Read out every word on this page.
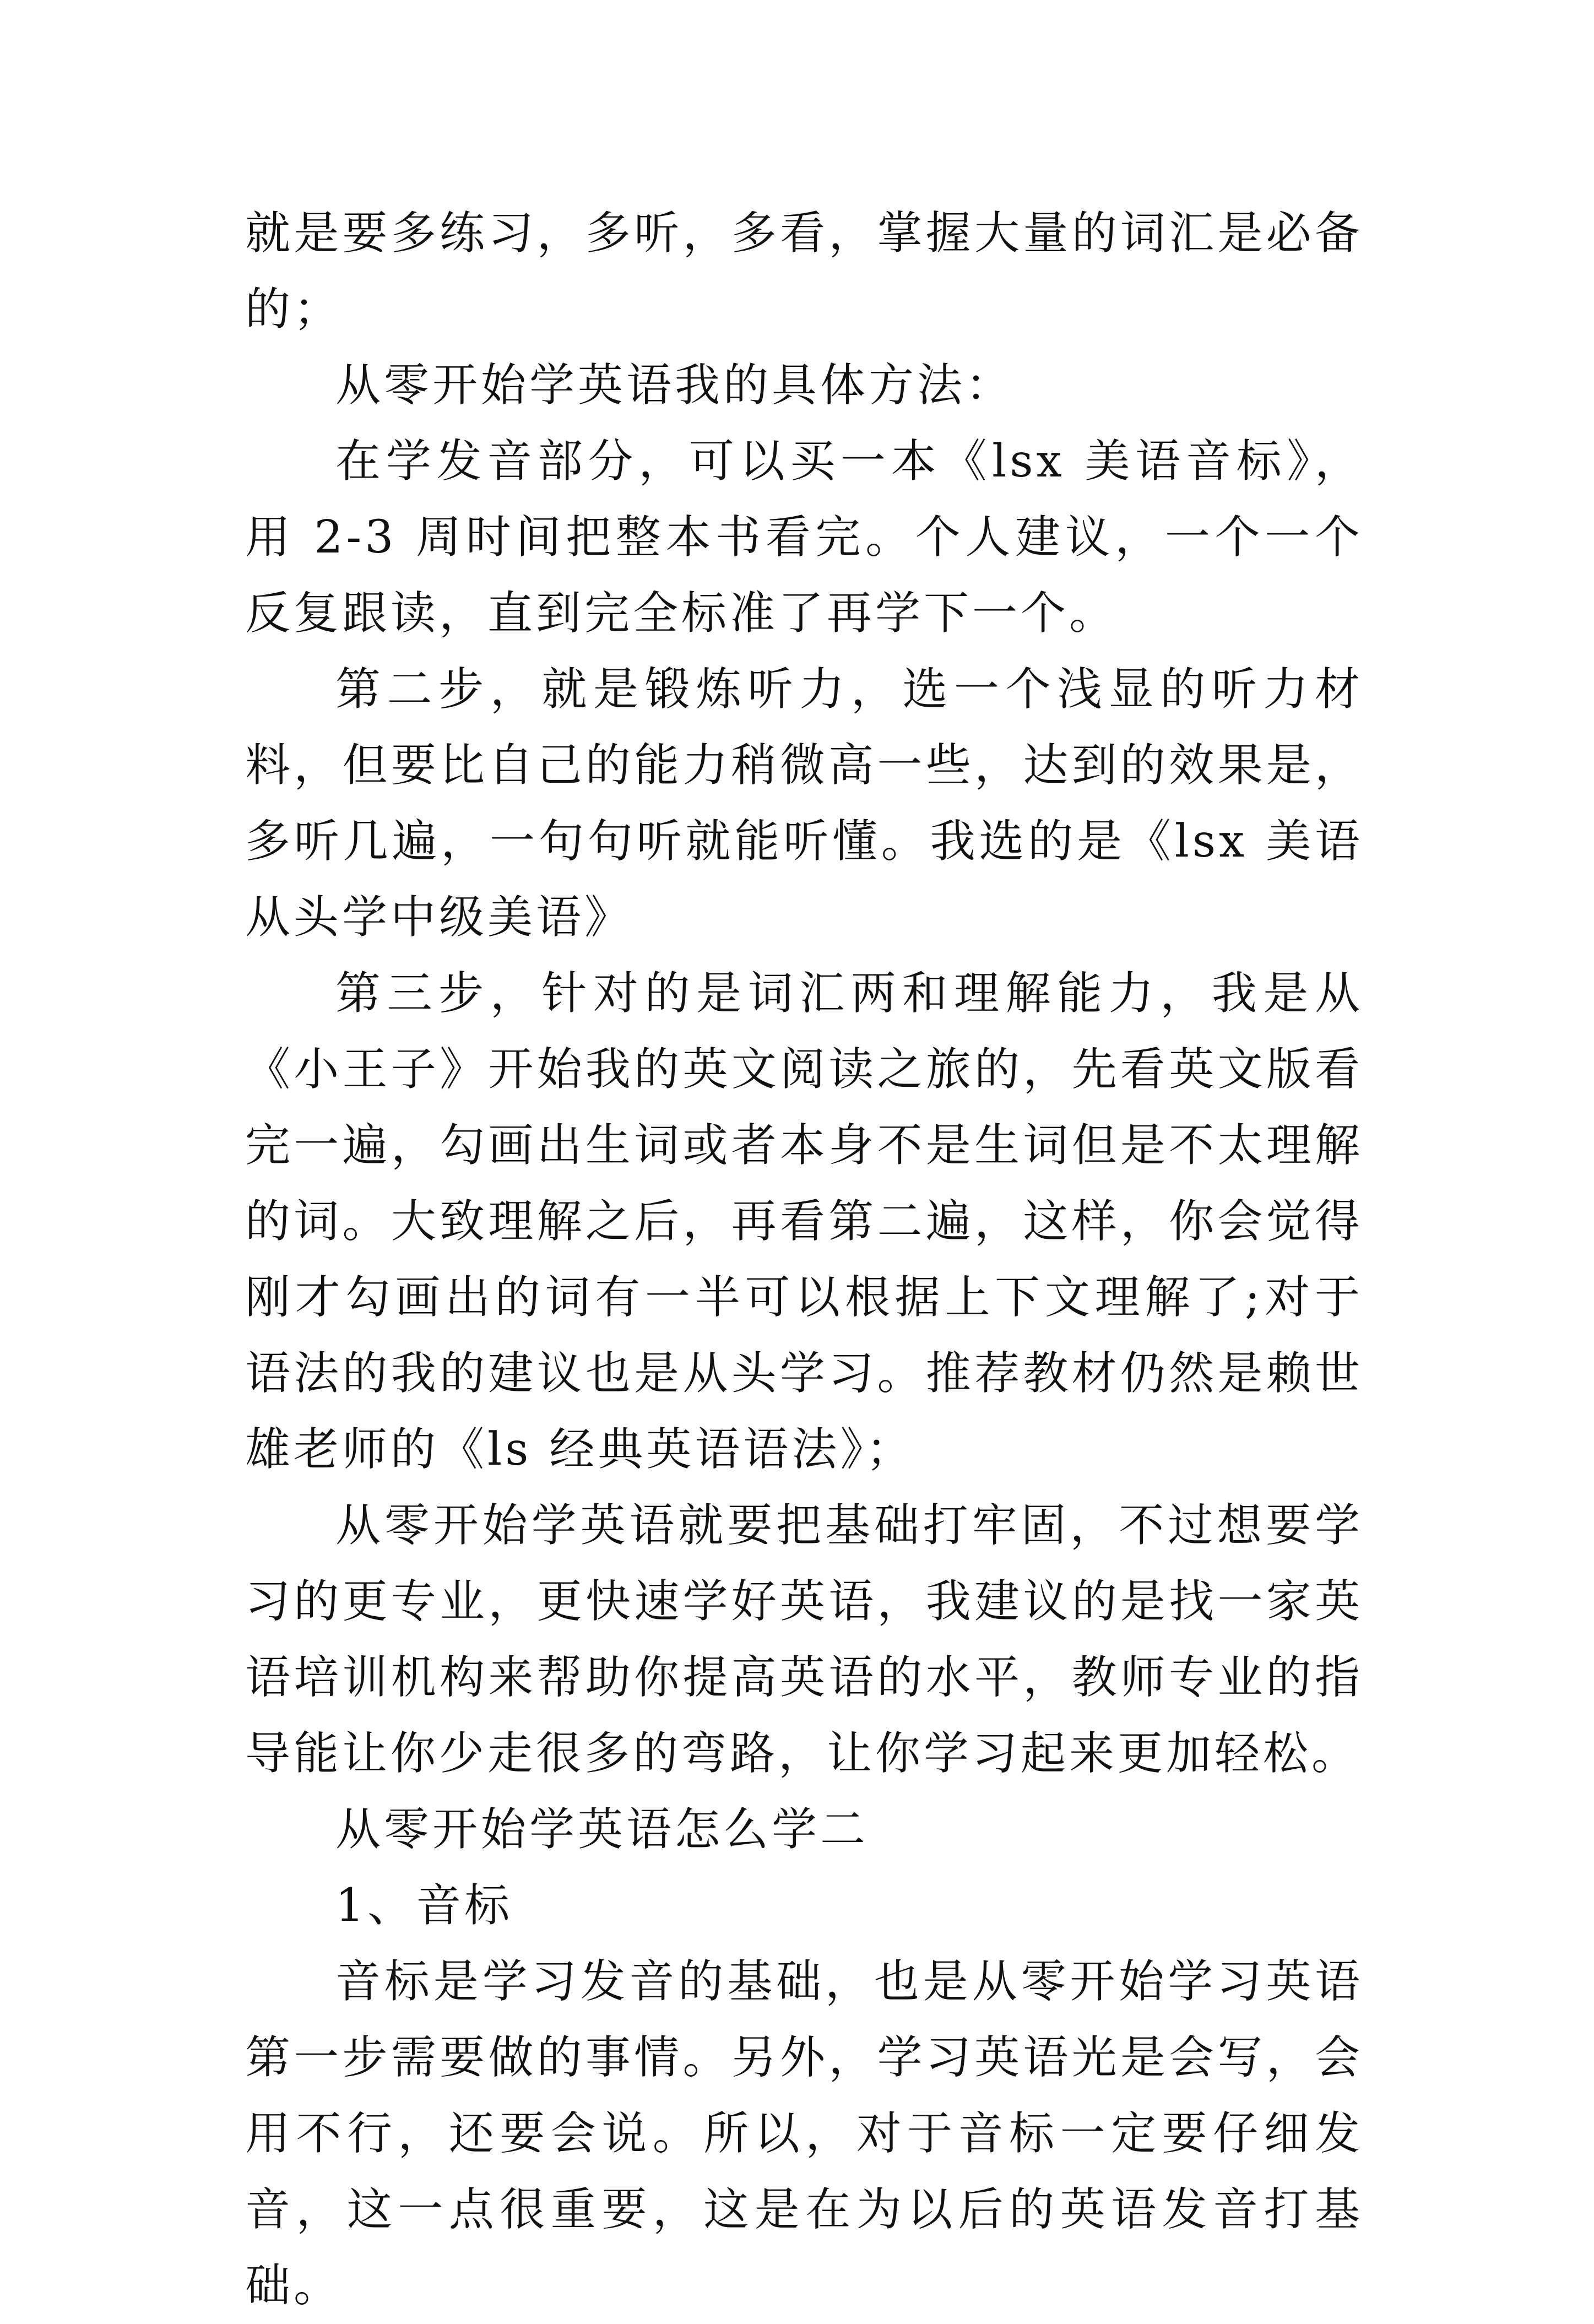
就是要多练习，多听，多看，掌握大量的词汇是必备的；

从零开始学英语我的具体方法：

在学发音部分，可以买一本《lsx 美语音标》，用 2-3 周时间把整本书看完。个人建议，一个一个反复跟读，直到完全标准了再学下一个。

第二步，就是锻炼听力，选一个浅显的听力材料，但要比自己的能力稍微高一些，达到的效果是，多听几遍，一句句听就能听懂。我选的是《lsx 美语从头学中级美语》

第三步，针对的是词汇两和理解能力，我是从《小王子》开始我的英文阅读之旅的，先看英文版看完一遍，勾画出生词或者本身不是生词但是不太理解的词。大致理解之后，再看第二遍，这样，你会觉得刚才勾画出的词有一半可以根据上下文理解了;对于语法的我的建议也是从头学习。推荐教材仍然是赖世雄老师的《ls 经典英语语法》；

从零开始学英语就要把基础打牢固，不过想要学习的更专业，更快速学好英语，我建议的是找一家英语培训机构来帮助你提高英语的水平，教师专业的指导能让你少走很多的弯路，让你学习起来更加轻松。

从零开始学英语怎么学二

1、音标

音标是学习发音的基础，也是从零开始学习英语第一步需要做的事情。另外，学习英语光是会写，会用不行，还要会说。所以，对于音标一定要仔细发音，这一点很重要，这是在为以后的英语发音打基础。
